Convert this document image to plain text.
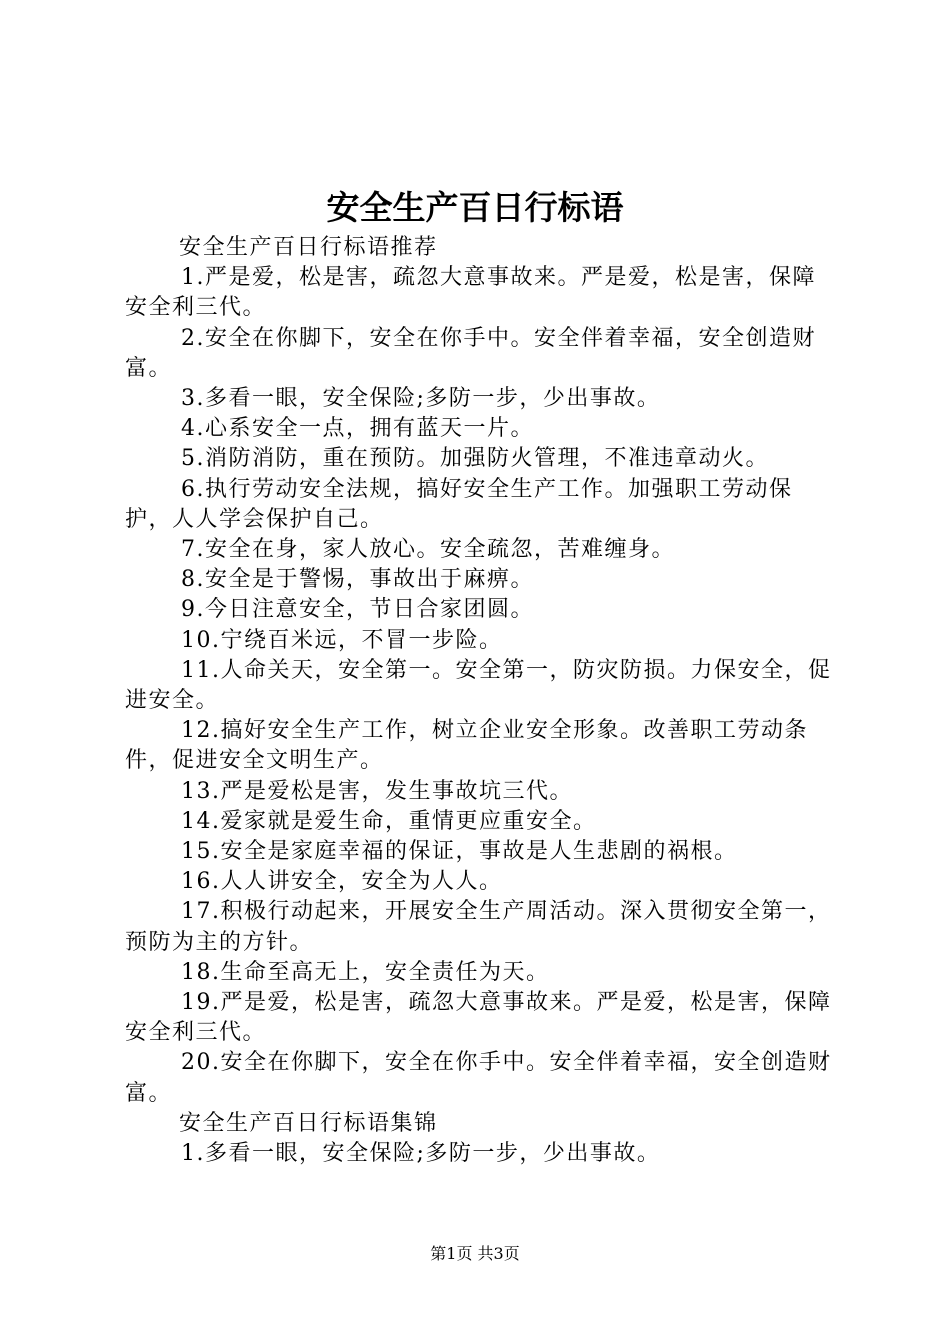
安全生产百日行标语

安全生产百日行标语推荐

1.严是爱，松是害，疏忽大意事故来。严是爱，松是害，保障安全利三代。

2.安全在你脚下，安全在你手中。安全伴着幸福，安全创造财富。

3.多看一眼，安全保险;多防一步，少出事故。

4.心系安全一点，拥有蓝天一片。

5.消防消防，重在预防。加强防火管理，不准违章动火。

6.执行劳动安全法规，搞好安全生产工作。加强职工劳动保护，人人学会保护自己。

7.安全在身，家人放心。安全疏忽，苦难缠身。

8.安全是于警惕，事故出于麻痹。

9.今日注意安全，节日合家团圆。

10.宁绕百米远，不冒一步险。

11.人命关天，安全第一。安全第一，防灾防损。力保安全，促进安全。

12.搞好安全生产工作，树立企业安全形象。改善职工劳动条件，促进安全文明生产。

13.严是爱松是害，发生事故坑三代。

14.爱家就是爱生命，重情更应重安全。

15.安全是家庭幸福的保证，事故是人生悲剧的祸根。

16.人人讲安全，安全为人人。

17.积极行动起来，开展安全生产周活动。深入贯彻安全第一，预防为主的方针。

18.生命至高无上，安全责任为天。

19.严是爱，松是害，疏忽大意事故来。严是爱，松是害，保障安全利三代。

20.安全在你脚下，安全在你手中。安全伴着幸福，安全创造财富。

安全生产百日行标语集锦

1.多看一眼，安全保险;多防一步，少出事故。

第1页 共3页
